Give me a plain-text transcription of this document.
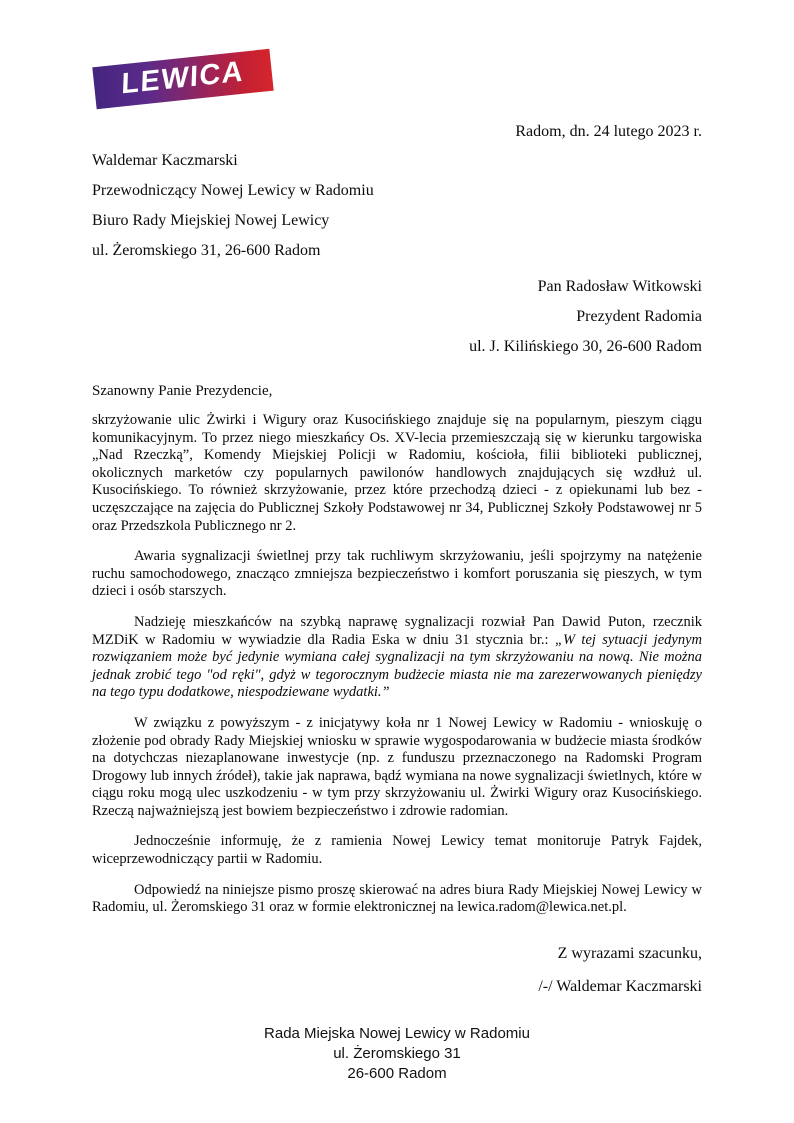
LEWICA

Radom, dn. 24 lutego 2023 r.

Waldemar Kaczmarski

Przewodniczący Nowej Lewicy w Radomiu

Biuro Rady Miejskiej Nowej Lewicy

ul. Żeromskiego 31, 26-600 Radom

Pan Radosław Witkowski

Prezydent Radomia

ul. J. Kilińskiego 30, 26-600 Radom

Szanowny Panie Prezydencie,

skrzyżowanie ulic Żwirki i Wigury oraz Kusocińskiego znajduje się na popularnym, pieszym ciągu komunikacyjnym. To przez niego mieszkańcy Os. XV-lecia przemieszczają się w kierunku targowiska „Nad Rzeczką”, Komendy Miejskiej Policji w Radomiu, kościoła, filii biblioteki publicznej, okolicznych marketów czy popularnych pawilonów handlowych znajdujących się wzdłuż ul. Kusocińskiego. To również skrzyżowanie, przez które przechodzą dzieci - z opiekunami lub bez - uczęszczające na zajęcia do Publicznej Szkoły Podstawowej nr 34, Publicznej Szkoły Podstawowej nr 5 oraz Przedszkola Publicznego nr 2.

Awaria sygnalizacji świetlnej przy tak ruchliwym skrzyżowaniu, jeśli spojrzymy na natężenie ruchu samochodowego, znacząco zmniejsza bezpieczeństwo i komfort poruszania się pieszych, w tym dzieci i osób starszych.

Nadzieję mieszkańców na szybką naprawę sygnalizacji rozwiał Pan Dawid Puton, rzecznik MZDiK w Radomiu w wywiadzie dla Radia Eska w dniu 31 stycznia br.: „W tej sytuacji jedynym rozwiązaniem może być jedynie wymiana całej sygnalizacji na tym skrzyżowaniu na nową. Nie można jednak zrobić tego "od ręki", gdyż w tegorocznym budżecie miasta nie ma zarezerwowanych pieniędzy na tego typu dodatkowe, niespodziewane wydatki.”

W związku z powyższym - z inicjatywy koła nr 1 Nowej Lewicy w Radomiu - wnioskuję o złożenie pod obrady Rady Miejskiej wniosku w sprawie wygospodarowania w budżecie miasta środków na dotychczas niezaplanowane inwestycje (np. z funduszu przeznaczonego na Radomski Program Drogowy lub innych źródeł), takie jak naprawa, bądź wymiana na nowe sygnalizacji świetlnych, które w ciągu roku mogą ulec uszkodzeniu - w tym przy skrzyżowaniu ul. Żwirki Wigury oraz Kusocińskiego. Rzeczą najważniejszą jest bowiem bezpieczeństwo i zdrowie radomian.

Jednocześnie informuję, że z ramienia Nowej Lewicy temat monitoruje Patryk Fajdek, wiceprzewodniczący partii w Radomiu.

Odpowiedź na niniejsze pismo proszę skierować na adres biura Rady Miejskiej Nowej Lewicy w Radomiu, ul. Żeromskiego 31 oraz w formie elektronicznej na lewica.radom@lewica.net.pl.

Z wyrazami szacunku,

/-/ Waldemar Kaczmarski

Rada Miejska Nowej Lewicy w Radomiu

ul. Żeromskiego 31

26-600 Radom
